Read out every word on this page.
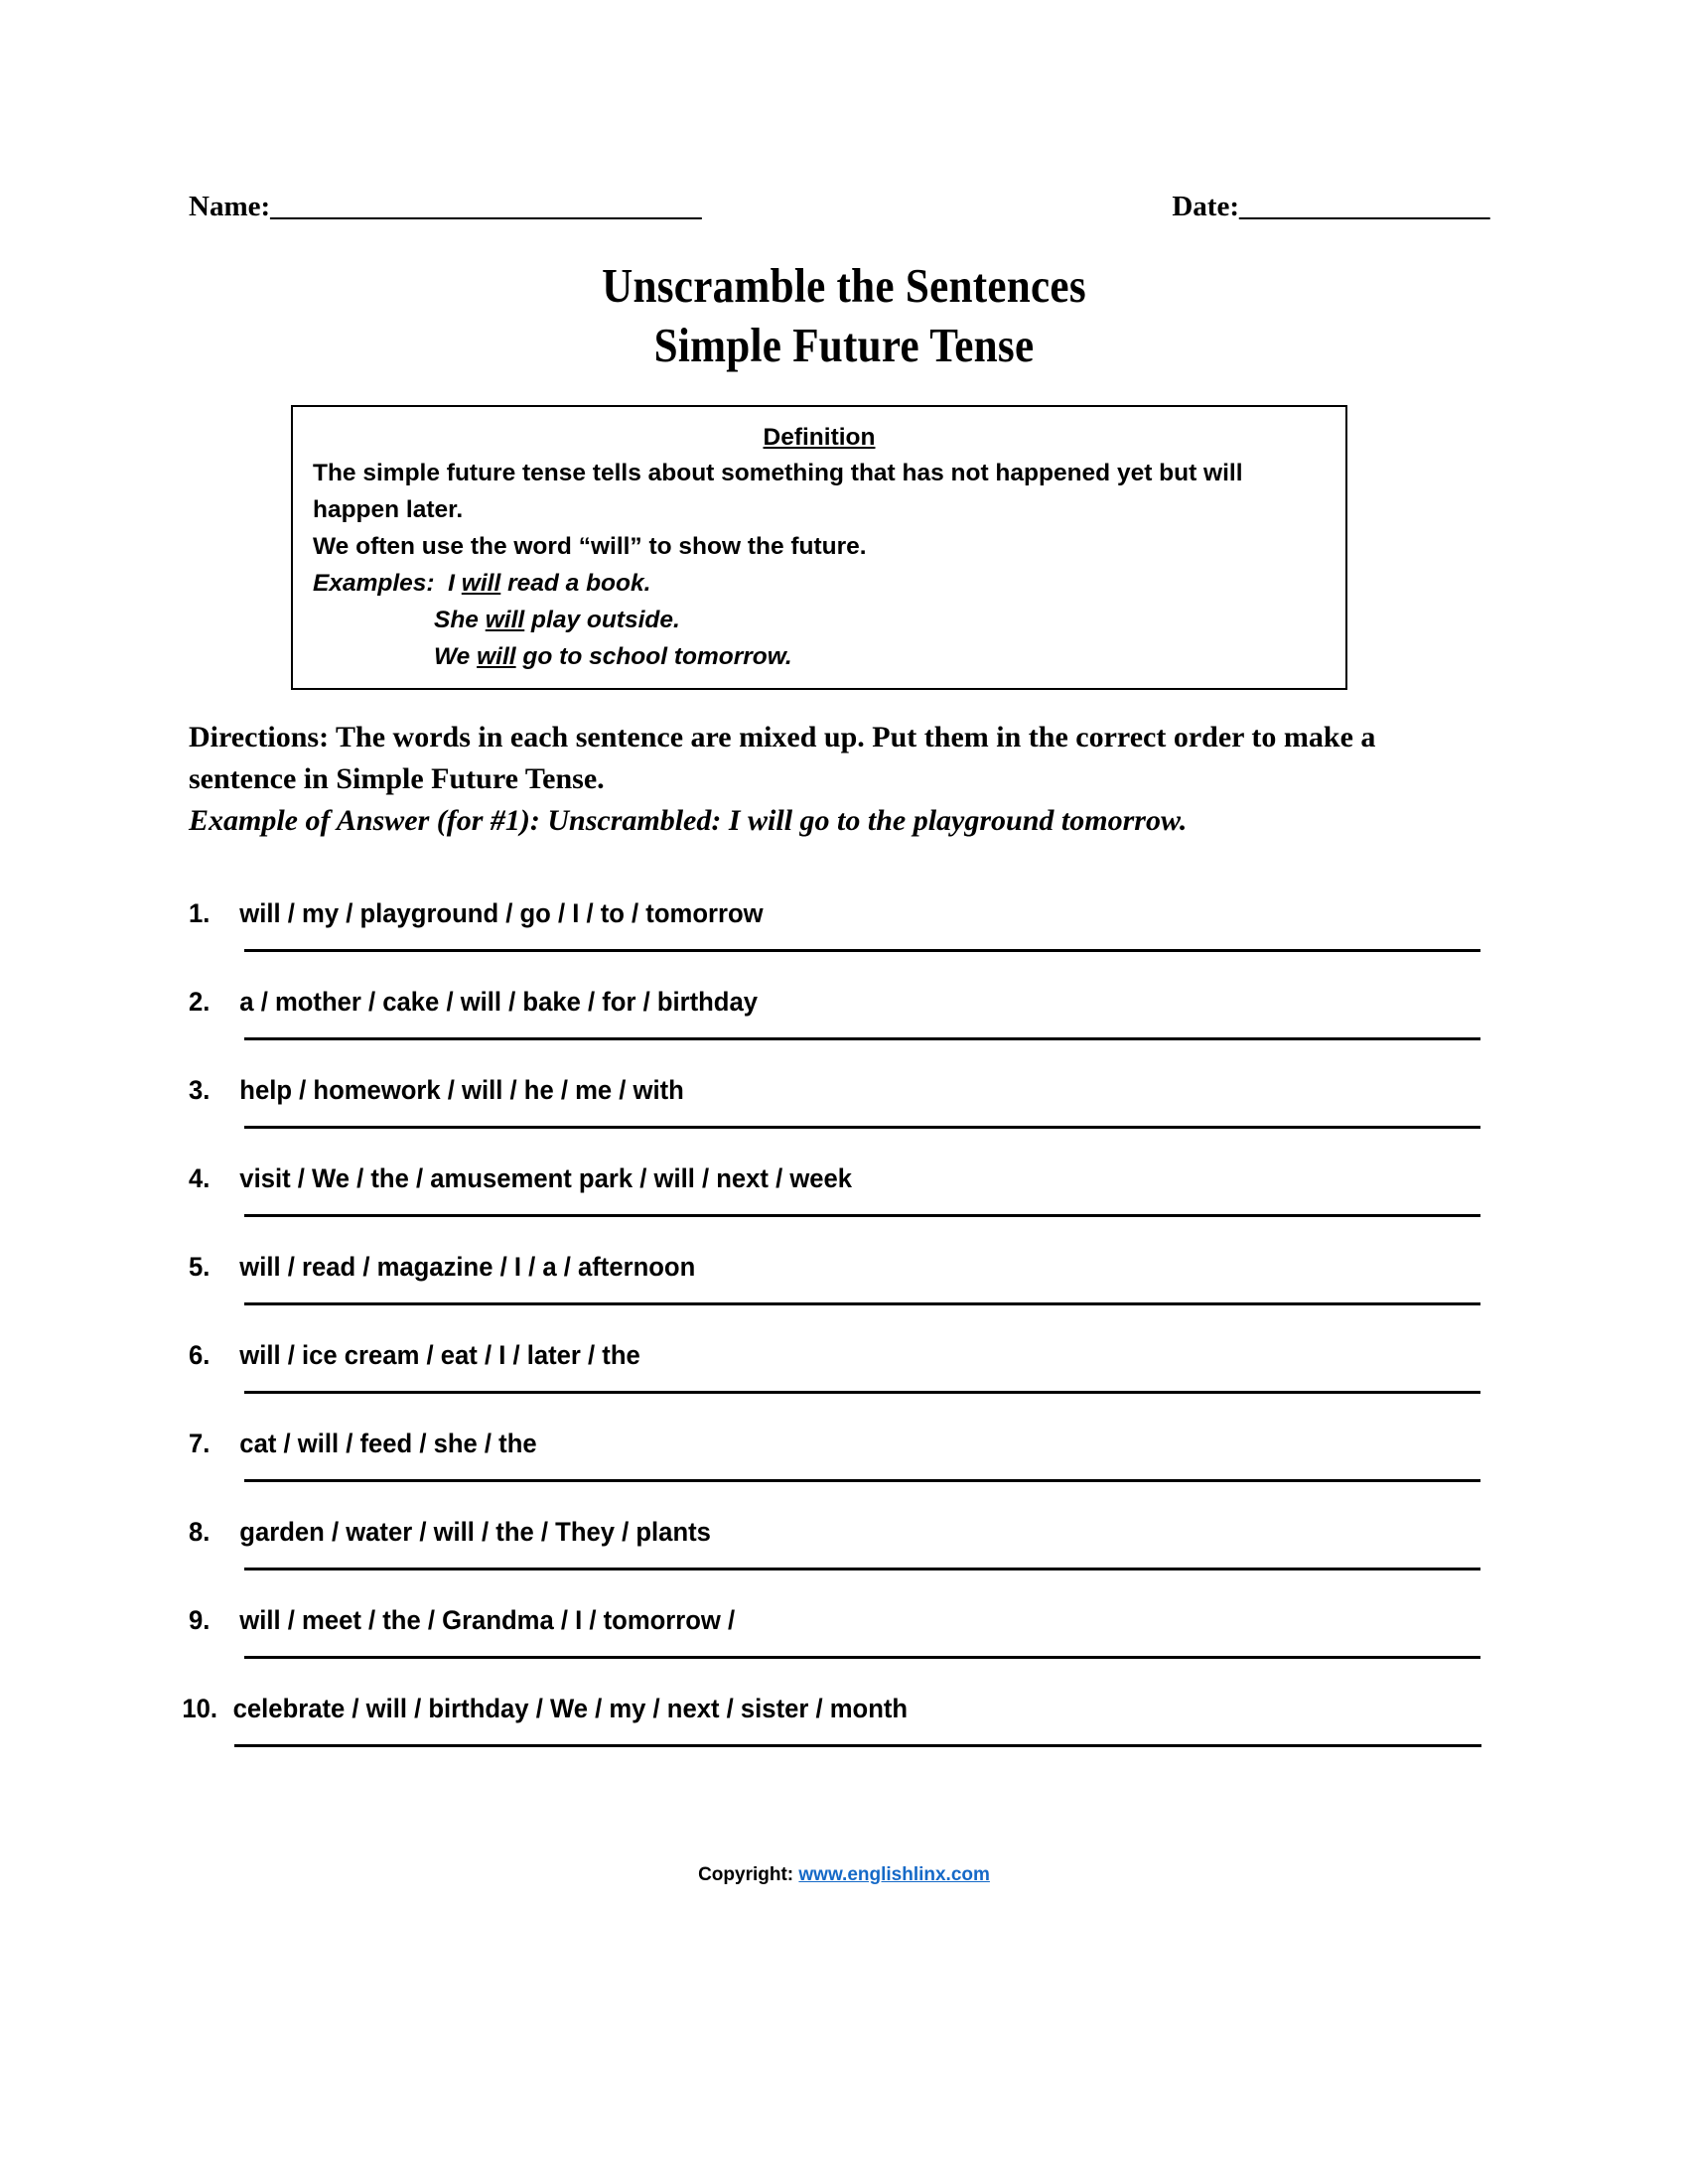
Name: _______________________________	Date: __________________
Unscramble the Sentences
Simple Future Tense
Definition
The simple future tense tells about something that has not happened yet but will happen later.
We often use the word “will” to show the future.
Examples:  I will read a book.
She will play outside.
We will go to school tomorrow.
Directions: The words in each sentence are mixed up. Put them in the correct order to make a sentence in Simple Future Tense.
Example of Answer (for #1): Unscrambled: I will go to the playground tomorrow.
1.	will / my / playground / go / I / to / tomorrow
2.	a / mother / cake / will / bake / for / birthday
3.	help / homework / will / he / me / with
4.	visit / We / the / amusement park / will / next / week
5.	will / read / magazine / I / a / afternoon
6.	will / ice cream / eat / I / later / the
7.	cat / will / feed / she / the
8.	garden / water / will / the / They / plants
9.	will / meet / the / Grandma / I / tomorrow /
10. celebrate / will / birthday / We / my / next / sister / month
Copyright: www.englishlinx.com
